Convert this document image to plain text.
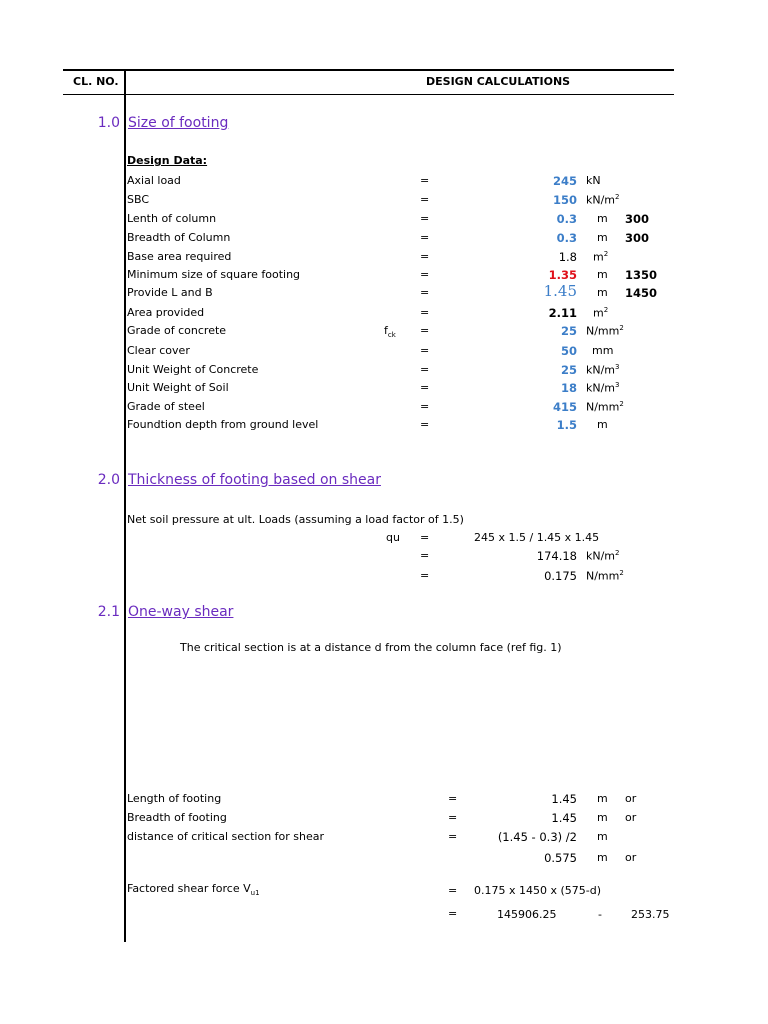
CL. NO.	DESIGN CALCULATIONS
1.0 Size of footing
Design Data:
Axial load	=	245 kN
SBC	=	150 $kN/m^2$
Lenth of column	=	0.3 m 300
Breadth of Column	=	0.3 m 300
Base area required	=	1.8 $m^2$
Minimum size of square footing	=	1.35 m 1350
Provide L and B	=	1.45 m 1450
Area provided	=	2.11 $m^2$
Grade of concrete	$f_{ck}$ =	25 $N/mm^2$
Clear cover	=	50 mm
Unit Weight of Concrete	=	25 $kN/m^3$
Unit Weight of Soil	=	18 $kN/m^3$
Grade of steel	=	415 $N/mm^2$
Foundtion depth from ground level	=	1.5 m
2.0 Thickness of footing based on shear
Net soil pressure at ult. Loads (assuming a load factor of 1.5)
qu =	245 x 1.5 / 1.45 x 1.45
=	174.18 $kN/m^2$
=	0.175 $N/mm^2$
2.1 One-way shear
The critical section is at a distance d from the column face (ref fig. 1)
Length of footing	=	1.45 m or
Breadth of footing	=	1.45 m or
distance of critical section for shear	=	(1.45 - 0.3) /2 m
0.575 m or
Factored shear force $V_{u1}$	= 0.175 x 1450 x (575-d)
=	145906.25	-	253.75
